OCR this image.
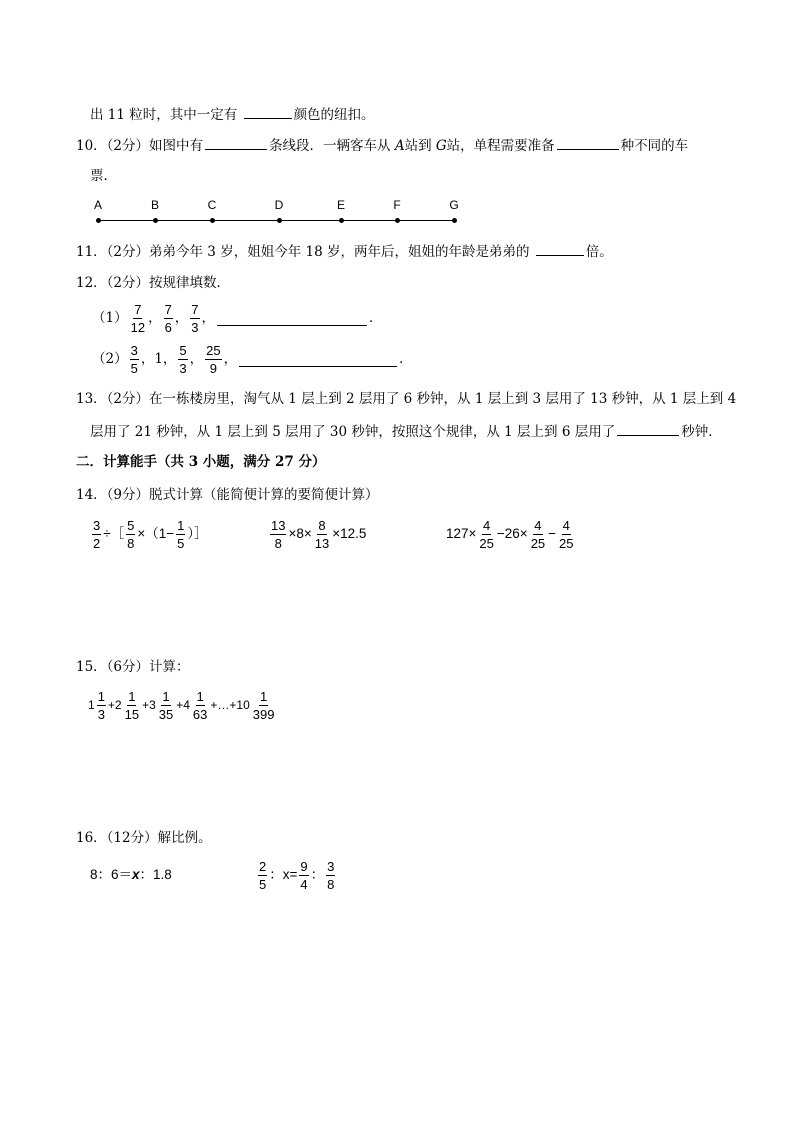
出 11 粒时，其中一定有	颜色的纽扣。
10．（2分）如图中有	条线段．一辆客车从 A站到 G站，单程需要准备	种不同的车
票．
A	B	C	D	E	F	G
11．（2分）弟弟今年 3 岁，姐姐今年 18 岁，两年后，姐姐的年龄是弟弟的	倍。
12．（2分）按规律填数．
$(1) \frac{7}{12}$ ， $\frac{7}{6}$ ， $\frac{7}{3}$ ，	．
$(2) \frac{3}{5}$ ， 1 ， $\frac{5}{3}$ ， $\frac{25}{9}$ ，	．
13．（2分）在一栋楼房里，淘气从 1 层上到 2 层用了 6 秒钟，从 1 层上到 3 层用了 13 秒钟，从 1 层上到 4
层用了 21 秒钟，从 1 层上到 5 层用了 30 秒钟，按照这个规律，从 1 层上到 6 层用了	秒钟．
二．计算能手（共 3 小题，满分 27 分）
14．（9分）脱式计算（能简便计算的要简便计算）
$\frac{3}{2}$ ÷［ $\frac{5}{8} \times(1- \frac{1}{5}$ ）］	$\frac{13}{8} \times 8\times \frac{8}{13} \times 12.5$	$127\times \frac{4}{25} -26\times \frac{4}{25} - \frac{4}{25}$
15．（6分）计算：
$1 \frac{1}{3} +2 \frac{1}{15} +3 \frac{1}{35} +4 \frac{1}{63}$ +…+10 $\frac{1}{399}$
16．（12分）解比例。
8：6＝x：1.8	$\frac{2}{5}$ ：$x= \frac{9}{4}$ ： $\frac{3}{8}$
